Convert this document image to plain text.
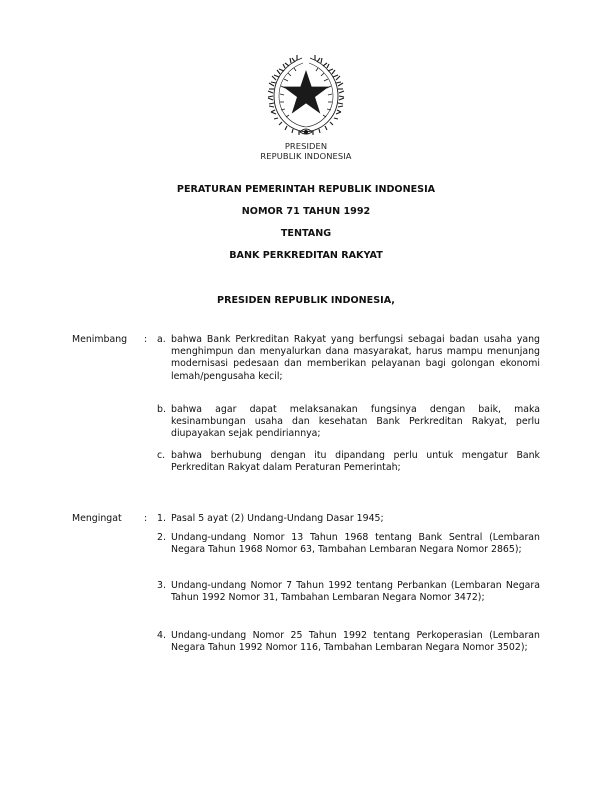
PRESIDEN
REPUBLIK INDONESIA
PERATURAN PEMERINTAH REPUBLIK INDONESIA
NOMOR 71 TAHUN 1992
TENTANG
BANK PERKREDITAN RAKYAT
PRESIDEN REPUBLIK INDONESIA,
Menimbang : a. bahwa Bank Perkreditan Rakyat yang berfungsi sebagai badan usaha yang menghimpun dan menyalurkan dana masyarakat, harus mampu menunjang modernisasi pedesaan dan memberikan pelayanan bagi golongan ekonomi lemah/pengusaha kecil;
b. bahwa agar dapat melaksanakan fungsinya dengan baik, maka kesinambungan usaha dan kesehatan Bank Perkreditan Rakyat, perlu diupayakan sejak pendiriannya;
c. bahwa berhubung dengan itu dipandang perlu untuk mengatur Bank Perkreditan Rakyat dalam Peraturan Pemerintah;
Mengingat : 1. Pasal 5 ayat (2) Undang-Undang Dasar 1945;
2. Undang-undang Nomor 13 Tahun 1968 tentang Bank Sentral (Lembaran Negara Tahun 1968 Nomor 63, Tambahan Lembaran Negara Nomor 2865);
3. Undang-undang Nomor 7 Tahun 1992 tentang Perbankan (Lembaran Negara Tahun 1992 Nomor 31, Tambahan Lembaran Negara Nomor 3472);
4. Undang-undang Nomor 25 Tahun 1992 tentang Perkoperasian (Lembaran Negara Tahun 1992 Nomor 116, Tambahan Lembaran Negara Nomor 3502);
